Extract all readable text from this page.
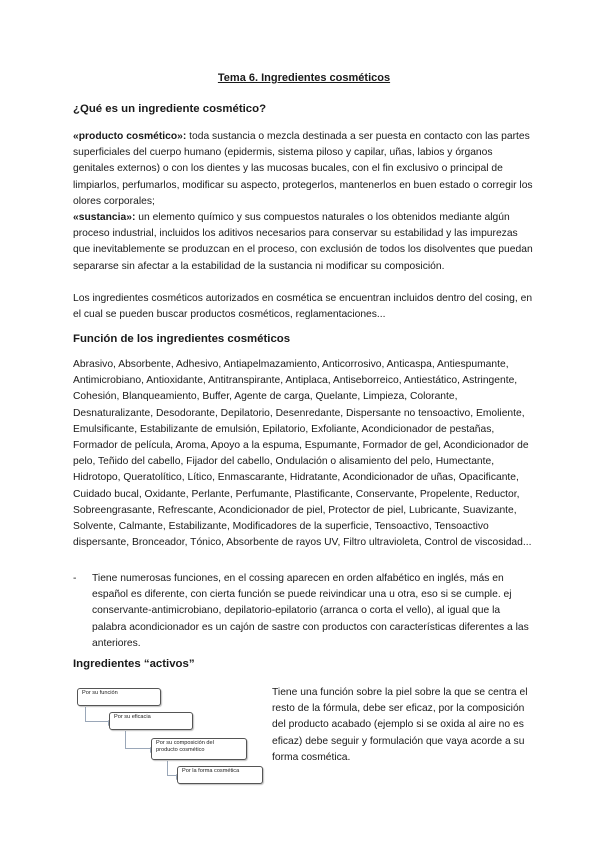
Tema 6. Ingredientes cosméticos

¿Qué es un ingrediente cosmético?

«producto cosmético»: toda sustancia o mezcla destinada a ser puesta en contacto con las partes superficiales del cuerpo humano (epidermis, sistema piloso y capilar, uñas, labios y órganos genitales externos) o con los dientes y las mucosas bucales, con el fin exclusivo o principal de limpiarlos, perfumarlos, modificar su aspecto, protegerlos, mantenerlos en buen estado o corregir los olores corporales;
«sustancia»: un elemento químico y sus compuestos naturales o los obtenidos mediante algún proceso industrial, incluidos los aditivos necesarios para conservar su estabilidad y las impurezas que inevitablemente se produzcan en el proceso, con exclusión de todos los disolventes que puedan separarse sin afectar a la estabilidad de la sustancia ni modificar su composición.

Los ingredientes cosméticos autorizados en cosmética se encuentran incluidos dentro del cosing, en el cual se pueden buscar productos cosméticos, reglamentaciones...

Función de los ingredientes cosméticos

Abrasivo, Absorbente, Adhesivo, Antiapelmazamiento, Anticorrosivo, Anticaspa, Antiespumante, Antimicrobiano, Antioxidante, Antitranspirante, Antiplaca, Antiseborreico, Antiestático, Astringente, Cohesión, Blanqueamiento, Buffer, Agente de carga, Quelante, Limpieza, Colorante, Desnaturalizante, Desodorante, Depilatorio, Desenredante, Dispersante no tensoactivo, Emoliente, Emulsificante, Estabilizante de emulsión, Epilatorio, Exfoliante, Acondicionador de pestañas, Formador de película, Aroma, Apoyo a la espuma, Espumante, Formador de gel, Acondicionador de pelo, Teñido del cabello, Fijador del cabello, Ondulación o alisamiento del pelo, Humectante, Hidrotopo, Queratolítico, Lítico, Enmascarante, Hidratante, Acondicionador de uñas, Opacificante, Cuidado bucal, Oxidante, Perlante, Perfumante, Plastificante, Conservante, Propelente, Reductor, Sobreengrasante, Refrescante, Acondicionador de piel, Protector de piel, Lubricante, Suavizante, Solvente, Calmante, Estabilizante, Modificadores de la superficie, Tensoactivo, Tensoactivo dispersante, Bronceador, Tónico, Absorbente de rayos UV, Filtro ultravioleta, Control de viscosidad...

- Tiene numerosas funciones, en el cossing aparecen en orden alfabético en inglés, más en español es diferente, con cierta función se puede reivindicar una u otra, eso si se cumple. ej conservante-antimicrobiano, depilatorio-epilatorio (arranca o corta el vello), al igual que la palabra acondicionador es un cajón de sastre con productos con características diferentes a las anteriores.

Ingredientes “activos”
Por su función
Por su eficacia
Por su composición del
producto cosmético
Por la forma cosmética

Tiene una función sobre la piel sobre la que se centra el resto de la fórmula, debe ser eficaz, por la composición del producto acabado (ejemplo si se oxida al aire no es eficaz) debe seguir y formulación que vaya acorde a su forma cosmética.
